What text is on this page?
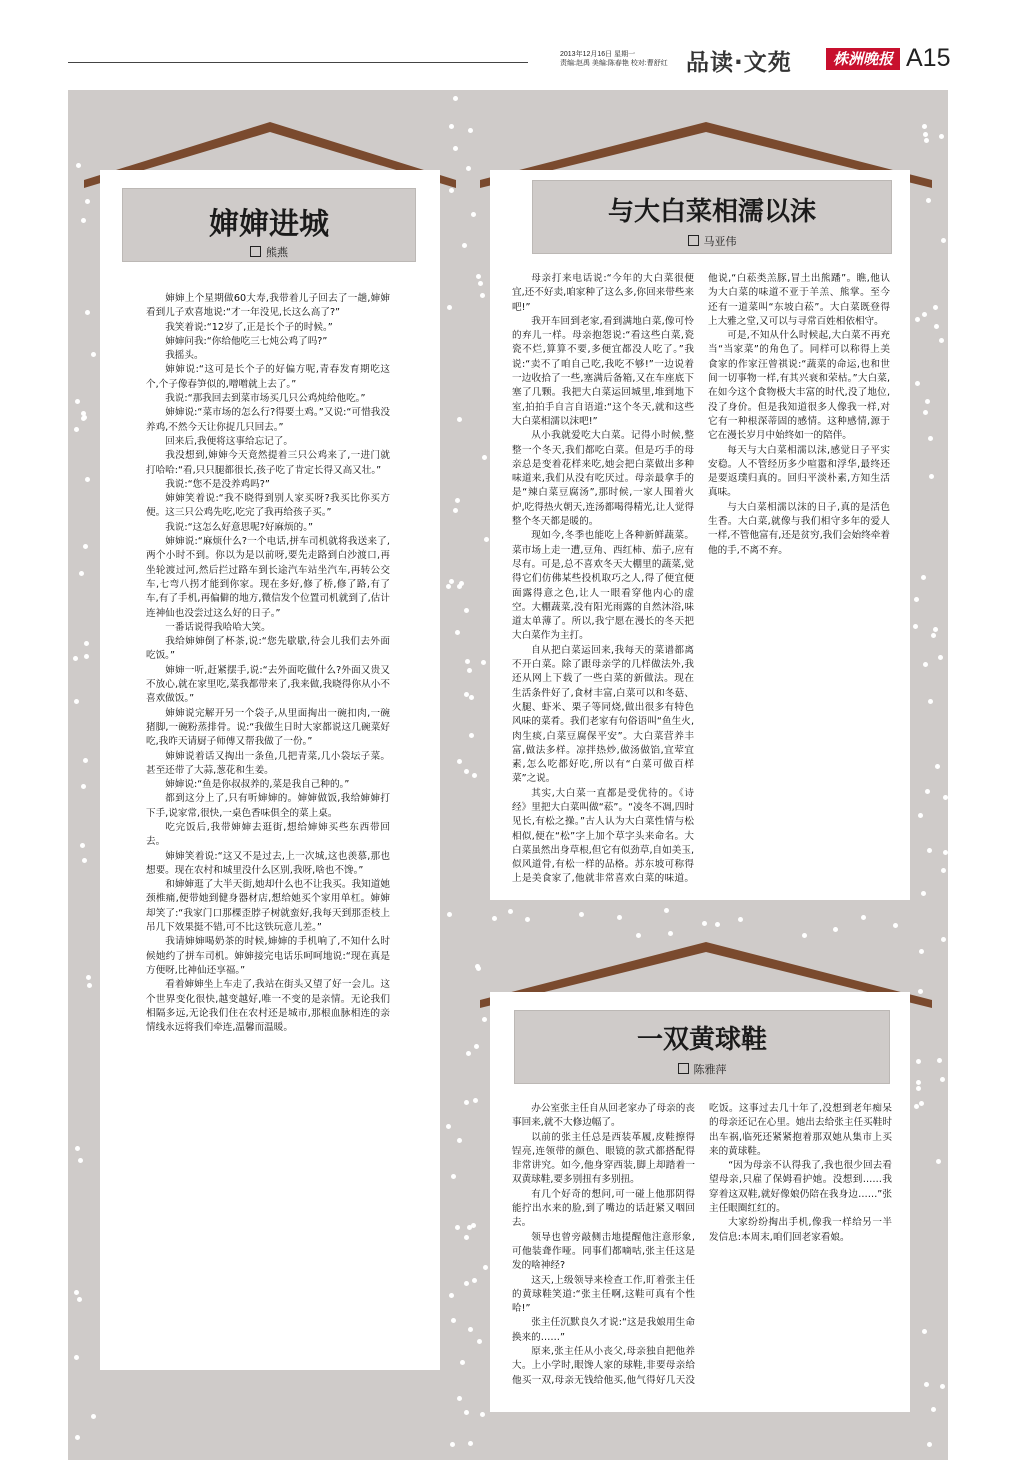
2013年12月16日 星期一
责编:赵禹 美编:陈春艳 校对:曹舒红 品读·文苑	株洲晚报 A15
婶婶进城
熊燕

婶婶上个星期做60大寿,我带着儿子回去了一趟,婶婶看到儿子欢喜地说:“才一年没见,长这么高了?”

我笑着说:“12岁了,正是长个子的时候。”

婶婶问我:“你给他吃三七炖公鸡了吗?”

我摇头。

婶婶说:“这可是长个子的好偏方呢,青春发育期吃这个,个子像春笋似的,噌噌就上去了。”

我说:“那我回去到菜市场买几只公鸡炖给他吃。”

婶婶说:“菜市场的怎么行?得要土鸡。”又说:“可惜我没养鸡,不然今天让你捉几只回去。”

回来后,我便将这事给忘记了。

我没想到,婶婶今天竟然提着三只公鸡来了,一进门就打哈哈:“看,只只腿都很长,孩子吃了肯定长得又高又壮。”

我说:“您不是没养鸡吗?”

婶婶笑着说:“我不晓得到别人家买呀?我买比你买方便。这三只公鸡先吃,吃完了我再给孩子买。”

我说:“这怎么好意思呢?好麻烦的。”

婶婶说:“麻烦什么?一个电话,拼车司机就将我送来了,两个小时不到。你以为是以前呀,要先走路到白沙渡口,再坐轮渡过河,然后拦过路车到长途汽车站坐汽车,再转公交车,七弯八拐才能到你家。现在多好,修了桥,修了路,有了车,有了手机,再偏僻的地方,微信发个位置司机就到了,估计连神仙也没尝过这么好的日子。”

一番话说得我哈哈大笑。

我给婶婶倒了杯茶,说:“您先歇歇,待会儿我们去外面吃饭。”

婶婶一听,赶紧摆手,说:“去外面吃做什么?外面又贵又不放心,就在家里吃,菜我都带来了,我来做,我晓得你从小不喜欢做饭。”

婶婶说完解开另一个袋子,从里面掏出一碗扣肉,一碗猪脚,一碗粉蒸排骨。说:“我做生日时大家都说这几碗菜好吃,我昨天请厨子师傅又帮我做了一份。”

婶婶说着话又掏出一条鱼,几把青菜,几小袋坛子菜。甚至还带了大蒜,葱花和生姜。

婶婶说:“鱼是你叔叔养的,菜是我自己种的。”

都到这分上了,只有听婶婶的。婶婶做饭,我给婶婶打下手,说家常,很快,一桌色香味俱全的菜上桌。

吃完饭后,我带婶婶去逛街,想给婶婶买些东西带回去。

婶婶笑着说:“这又不是过去,上一次城,这也羡慕,那也想要。现在农村和城里没什么区别,我呀,啥也不馋。”

和婶婶逛了大半天街,她却什么也不让我买。我知道她颈椎痛,便带她到健身器材店,想给她买个家用单杠。婶婶却笑了:“我家门口那棵歪脖子树就蛮好,我每天到那歪枝上吊几下效果挺不错,可不比这铁玩意儿差。”

我请婶婶喝奶茶的时候,婶婶的手机响了,不知什么时候她约了拼车司机。婶婶接完电话乐呵呵地说:“现在真是方便呀,比神仙还享福。”

看着婶婶坐上车走了,我站在街头又望了好一会儿。这个世界变化很快,越变越好,唯一不变的是亲情。无论我们相隔多远,无论我们住在农村还是城市,那根血脉相连的亲情线永远将我们牵连,温馨而温暖。

与大白菜相濡以沫
马亚伟

母亲打来电话说:“今年的大白菜很便宜,还不好卖,咱家种了这么多,你回来带些来吧!”

我开车回到老家,看到满地白菜,像可怜的弃儿一样。母亲抱怨说:“看这些白菜,瓷瓷不烂,算算不要,多便宜都没人吃了。”我说:“卖不了咱自己吃,我吃不够!”一边说着一边收拾了一些,塞满后备箱,又在车座底下塞了几颗。我把大白菜运回城里,堆到地下室,拍拍手自言自语道:“这个冬天,就和这些大白菜相濡以沫吧!”

从小我就爱吃大白菜。记得小时候,整整一个冬天,我们都吃白菜。但是巧手的母亲总是变着花样来吃,她会把白菜做出多种味道来,我们从没有吃厌过。母亲最拿手的是“辣白菜豆腐汤”,那时候,一家人围着火炉,吃得热火朝天,连汤都喝得精光,让人觉得整个冬天都是暖的。

现如今,冬季也能吃上各种新鲜蔬菜。菜市场上走一遭,豆角、西红柿、茄子,应有尽有。可是,总不喜欢冬天大棚里的蔬菜,觉得它们仿佛某些投机取巧之人,得了便宜便面露得意之色,让人一眼看穿他内心的虚空。大棚蔬菜,没有阳光雨露的自然沐浴,味道太单薄了。所以,我宁愿在漫长的冬天把大白菜作为主打。

自从把白菜运回来,我每天的菜谱都离不开白菜。除了跟母亲学的几样做法外,我还从网上下载了一些白菜的新做法。现在生活条件好了,食材丰富,白菜可以和冬菇、火腿、虾米、栗子等同烧,做出很多有特色风味的菜肴。我们老家有句俗语叫“鱼生火,肉生痰,白菜豆腐保平安”。大白菜营养丰富,做法多样。凉拌热炒,做汤做馅,宜荤宜素,怎么吃都好吃,所以有“白菜可做百样菜”之说。

其实,大白菜一直都是受优待的。《诗经》里把大白菜叫做“菘”。“凌冬不凋,四时见长,有松之操。”古人认为大白菜性情与松相似,便在“松”字上加个草字头来命名。大白菜虽然出身草根,但它有似劲草,自如美玉,似风道骨,有松一样的品格。苏东坡可称得上是美食家了,他就非常喜欢白菜的味道。他说,“白菘类羔豚,冒土出熊蹯”。瞧,他认为大白菜的味道不亚于羊羔、熊掌。至今还有一道菜叫“东坡白菘”。大白菜既登得上大雅之堂,又可以与寻常百姓相依相守。

可是,不知从什么时候起,大白菜不再充当“当家菜”的角色了。同样可以称得上美食家的作家汪曾祺说:“蔬菜的命运,也和世间一切事物一样,有其兴衰和荣枯。”大白菜,在如今这个食物极大丰富的时代,没了地位,没了身价。但是我知道很多人像我一样,对它有一种根深蒂固的感情。这种感情,源于它在漫长岁月中始终如一的陪伴。

每天与大白菜相濡以沫,感觉日子平实安稳。人不管经历多少喧嚣和浮华,最终还是要返璞归真的。回归平淡朴素,方知生活真味。

与大白菜相濡以沫的日子,真的是活色生香。大白菜,就像与我们相守多年的爱人一样,不管他富有,还是贫穷,我们会始终牵着他的手,不离不弃。

一双黄球鞋
陈雅萍

办公室张主任自从回老家办了母亲的丧事回来,就不大修边幅了。

以前的张主任总是西装革履,皮鞋擦得锃亮,连领带的颜色、眼镜的款式都搭配得非常讲究。如今,他身穿西装,脚上却踏着一双黄球鞋,要多别扭有多别扭。

有几个好奇的想问,可一碰上他那阴得能拧出水来的脸,到了嘴边的话赶紧又咽回去。

领导也曾旁敲侧击地提醒他注意形象,可他装聋作哑。同事们都嘀咕,张主任这是发的啥神经?

这天,上级领导来检查工作,盯着张主任的黄球鞋笑道:“张主任啊,这鞋可真有个性哈!”

张主任沉默良久才说:“这是我娘用生命换来的……”

原来,张主任从小丧父,母亲独自把他养大。上小学时,眼馋人家的球鞋,非要母亲给他买一双,母亲无钱给他买,他气得好几天没吃饭。这事过去几十年了,没想到老年痴呆的母亲还记在心里。她出去给张主任买鞋时出车祸,临死还紧紧抱着那双她从集市上买来的黄球鞋。

“因为母亲不认得我了,我也很少回去看望母亲,只雇了保姆看护她。没想到……我穿着这双鞋,就好像娘仍陪在我身边……”张主任眼圈红红的。

大家纷纷掏出手机,像我一样给另一半发信息:本周末,咱们回老家看娘。
